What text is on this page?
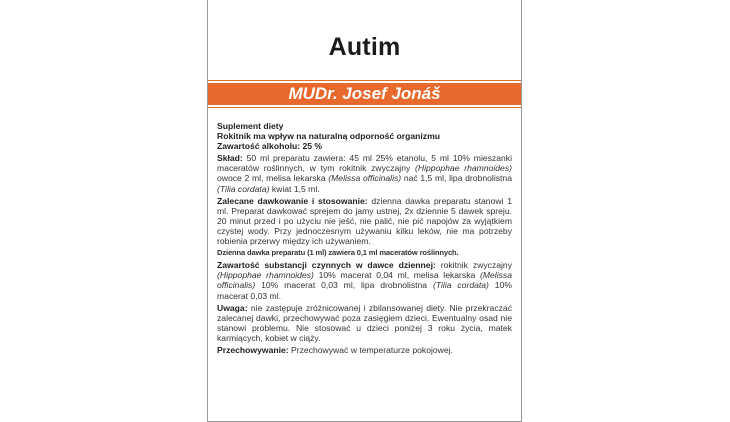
Autim
MUDr. Josef Jonáš
Suplement diety
Rokitnik ma wpływ na naturalną odporność organizmu

Zawartość alkoholu: 25 %

Skład: 50 ml preparatu zawiera: 45 ml 25% etanolu, 5 ml 10% mieszanki maceratów roślinnych, w tym rokitnik zwyczajny (Hippophae rhamnoides) owoce 2 ml, melisa lekarska (Melissa officinalis) nać 1,5 ml, lipa drobnolistna (Tilia cordata) kwiat 1,5 ml.

Zalecane dawkowanie i stosowanie: dzienna dawka preparatu stanowi 1 ml. Preparat dawkować sprejem do jamy ustnej, 2x dziennie 5 dawek spreju. 20 minut przed i po użyciu nie jeść, nie palić, nie pić napojów za wyjątkiem czystej wody. Przy jednoczesnym używaniu kilku leków, nie ma potrzeby robienia przerwy między ich używaniem.

Dzienna dawka preparatu (1 ml) zawiera 0,1 ml maceratów roślinnych.

Zawartość substancji czynnych w dawce dziennej: rokitnik zwyczajny (Hippophae rhamnoides) 10% macerat 0,04 ml, melisa lekarska (Melissa officinalis) 10% macerat 0,03 ml, lipa drobnolistna (Tilia cordata) 10% macerat 0,03 ml.

Uwaga: nie zastępuje zróżnicowanej i zbilansowanej diety. Nie przekraczać zalecanej dawki, przechowywać poza zasięgiem dzieci. Ewentualny osad nie stanowi problemu. Nie stosować u dzieci poniżej 3 roku życia, matek karmiących, kobiet w ciąży.

Przechowywanie: Przechowywać w temperaturze pokojowej.
